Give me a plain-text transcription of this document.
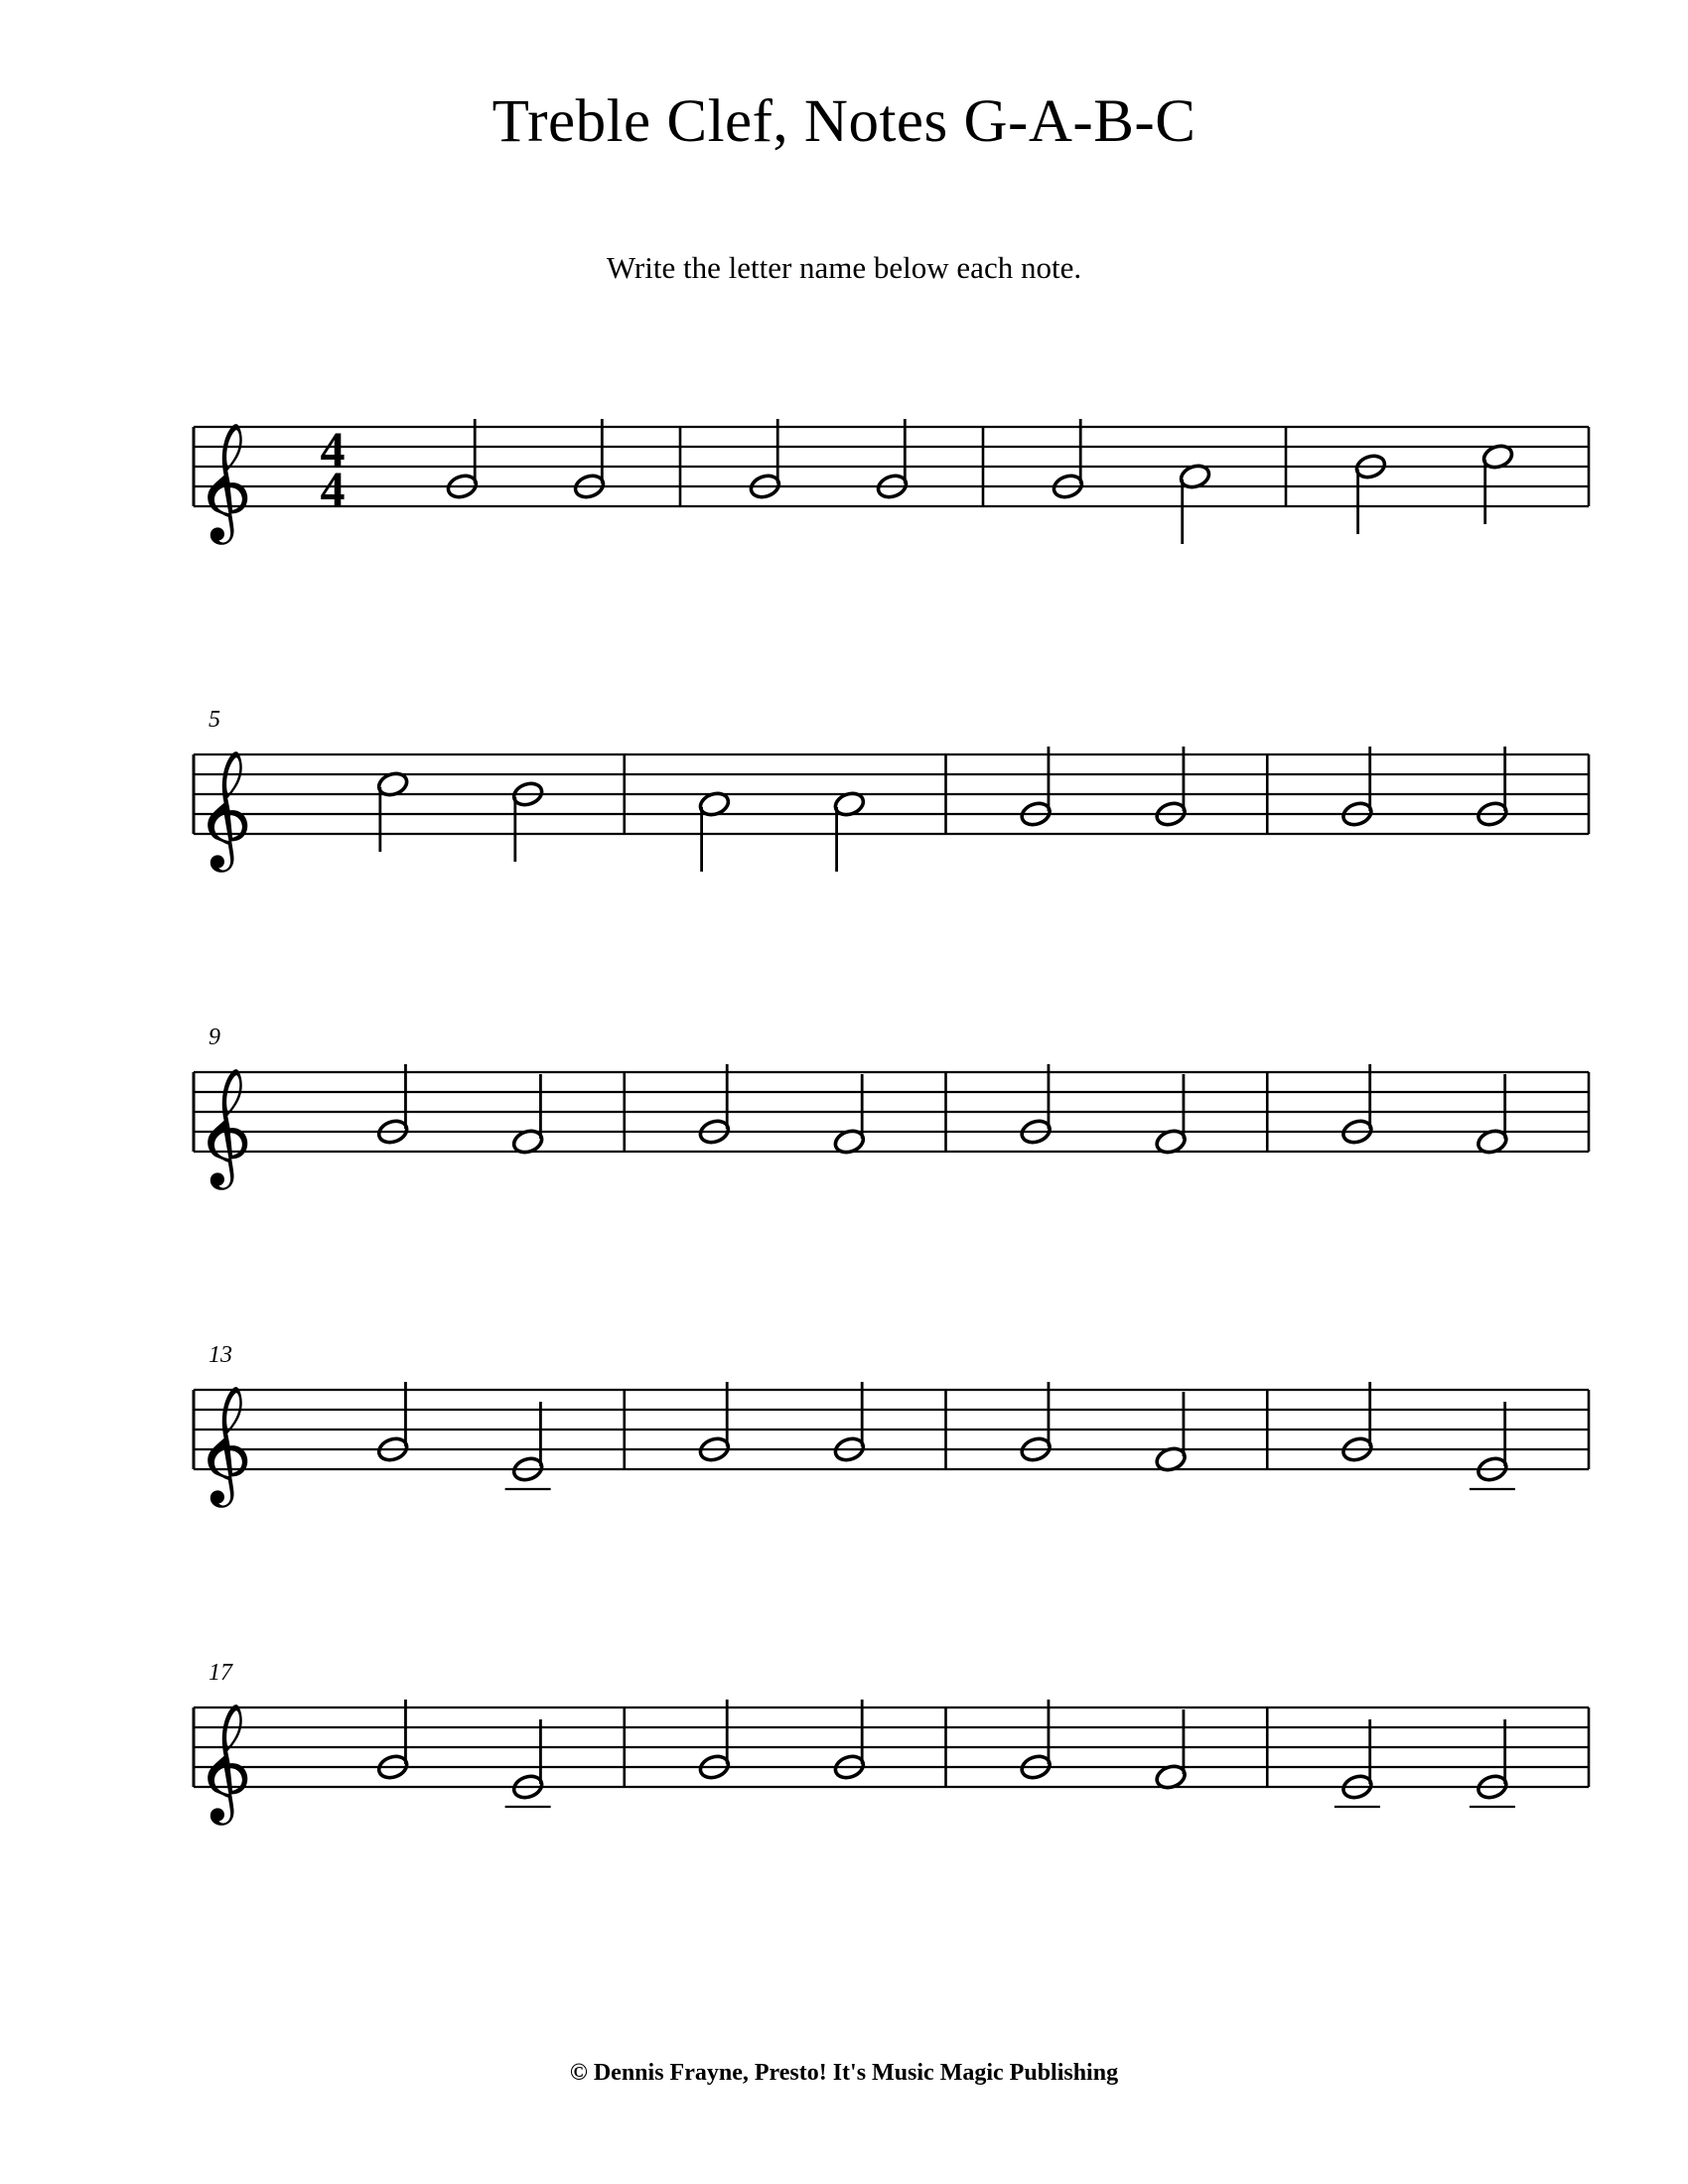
Treble Clef, Notes G-A-B-C
Write the letter name below each note.
4
4
5
9
13
17
© Dennis Frayne, Presto! It's Music Magic Publishing
